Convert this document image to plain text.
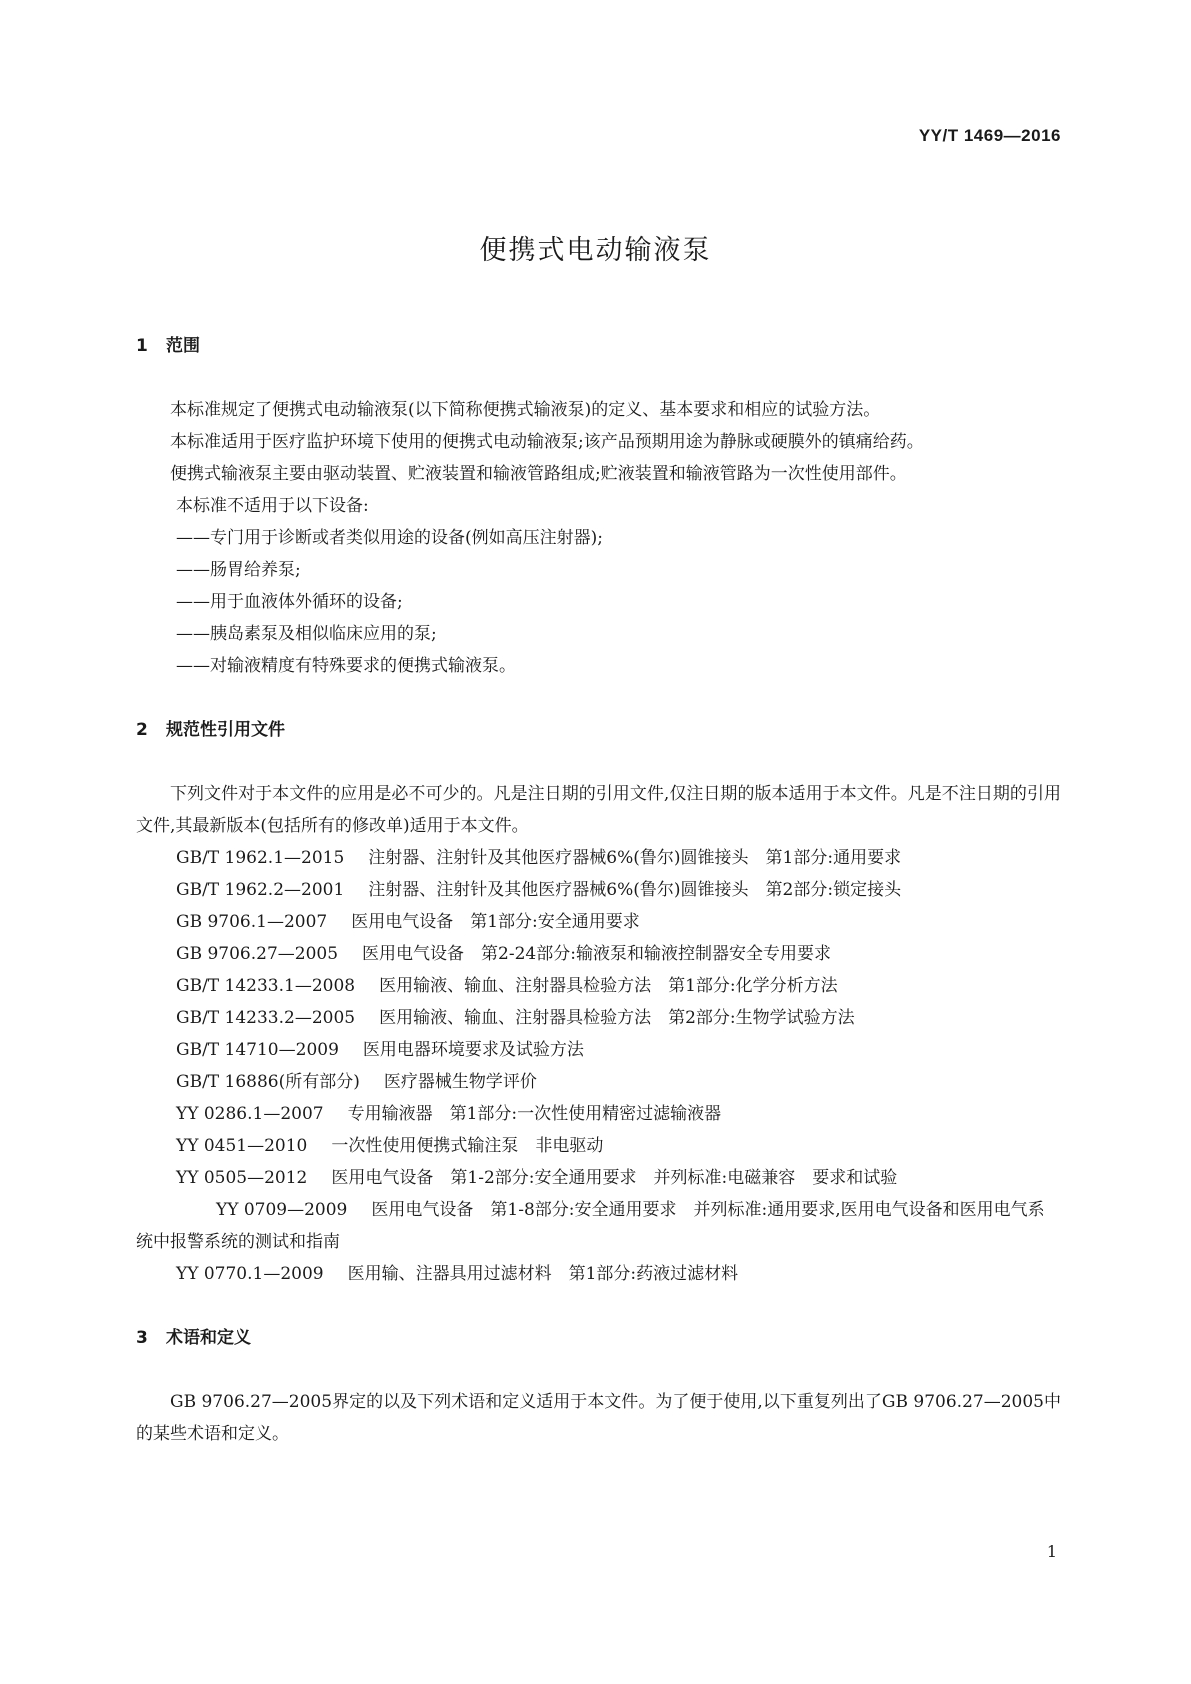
YY/T 1469—2016
便携式电动输液泵
1 范围

本标准规定了便携式电动输液泵(以下简称便携式输液泵)的定义、基本要求和相应的试验方法。

本标准适用于医疗监护环境下使用的便携式电动输液泵;该产品预期用途为静脉或硬膜外的镇痛给药。

便携式输液泵主要由驱动装置、贮液装置和输液管路组成;贮液装置和输液管路为一次性使用部件。

本标准不适用于以下设备:

——专门用于诊断或者类似用途的设备(例如高压注射器);

——肠胃给养泵;

——用于血液体外循环的设备;

——胰岛素泵及相似临床应用的泵;

——对输液精度有特殊要求的便携式输液泵。

2 规范性引用文件

下列文件对于本文件的应用是必不可少的。凡是注日期的引用文件,仅注日期的版本适用于本文件。凡是不注日期的引用文件,其最新版本(包括所有的修改单)适用于本文件。

GB/T 1962.1—2015 注射器、注射针及其他医疗器械6%(鲁尔)圆锥接头　第1部分:通用要求

GB/T 1962.2—2001 注射器、注射针及其他医疗器械6%(鲁尔)圆锥接头　第2部分:锁定接头

GB 9706.1—2007 医用电气设备　第1部分:安全通用要求

GB 9706.27—2005 医用电气设备　第2-24部分:输液泵和输液控制器安全专用要求

GB/T 14233.1—2008 医用输液、输血、注射器具检验方法　第1部分:化学分析方法

GB/T 14233.2—2005 医用输液、输血、注射器具检验方法　第2部分:生物学试验方法

GB/T 14710—2009 医用电器环境要求及试验方法

GB/T 16886(所有部分) 医疗器械生物学评价

YY 0286.1—2007 专用输液器　第1部分:一次性使用精密过滤输液器

YY 0451—2010 一次性使用便携式输注泵　非电驱动

YY 0505—2012 医用电气设备　第1-2部分:安全通用要求　并列标准:电磁兼容　要求和试验

YY 0709—2009 医用电气设备　第1-8部分:安全通用要求　并列标准:通用要求,医用电气设备和医用电气系统中报警系统的测试和指南

YY 0770.1—2009 医用输、注器具用过滤材料　第1部分:药液过滤材料

3 术语和定义

GB 9706.27—2005界定的以及下列术语和定义适用于本文件。为了便于使用,以下重复列出了GB 9706.27—2005中的某些术语和定义。

1
